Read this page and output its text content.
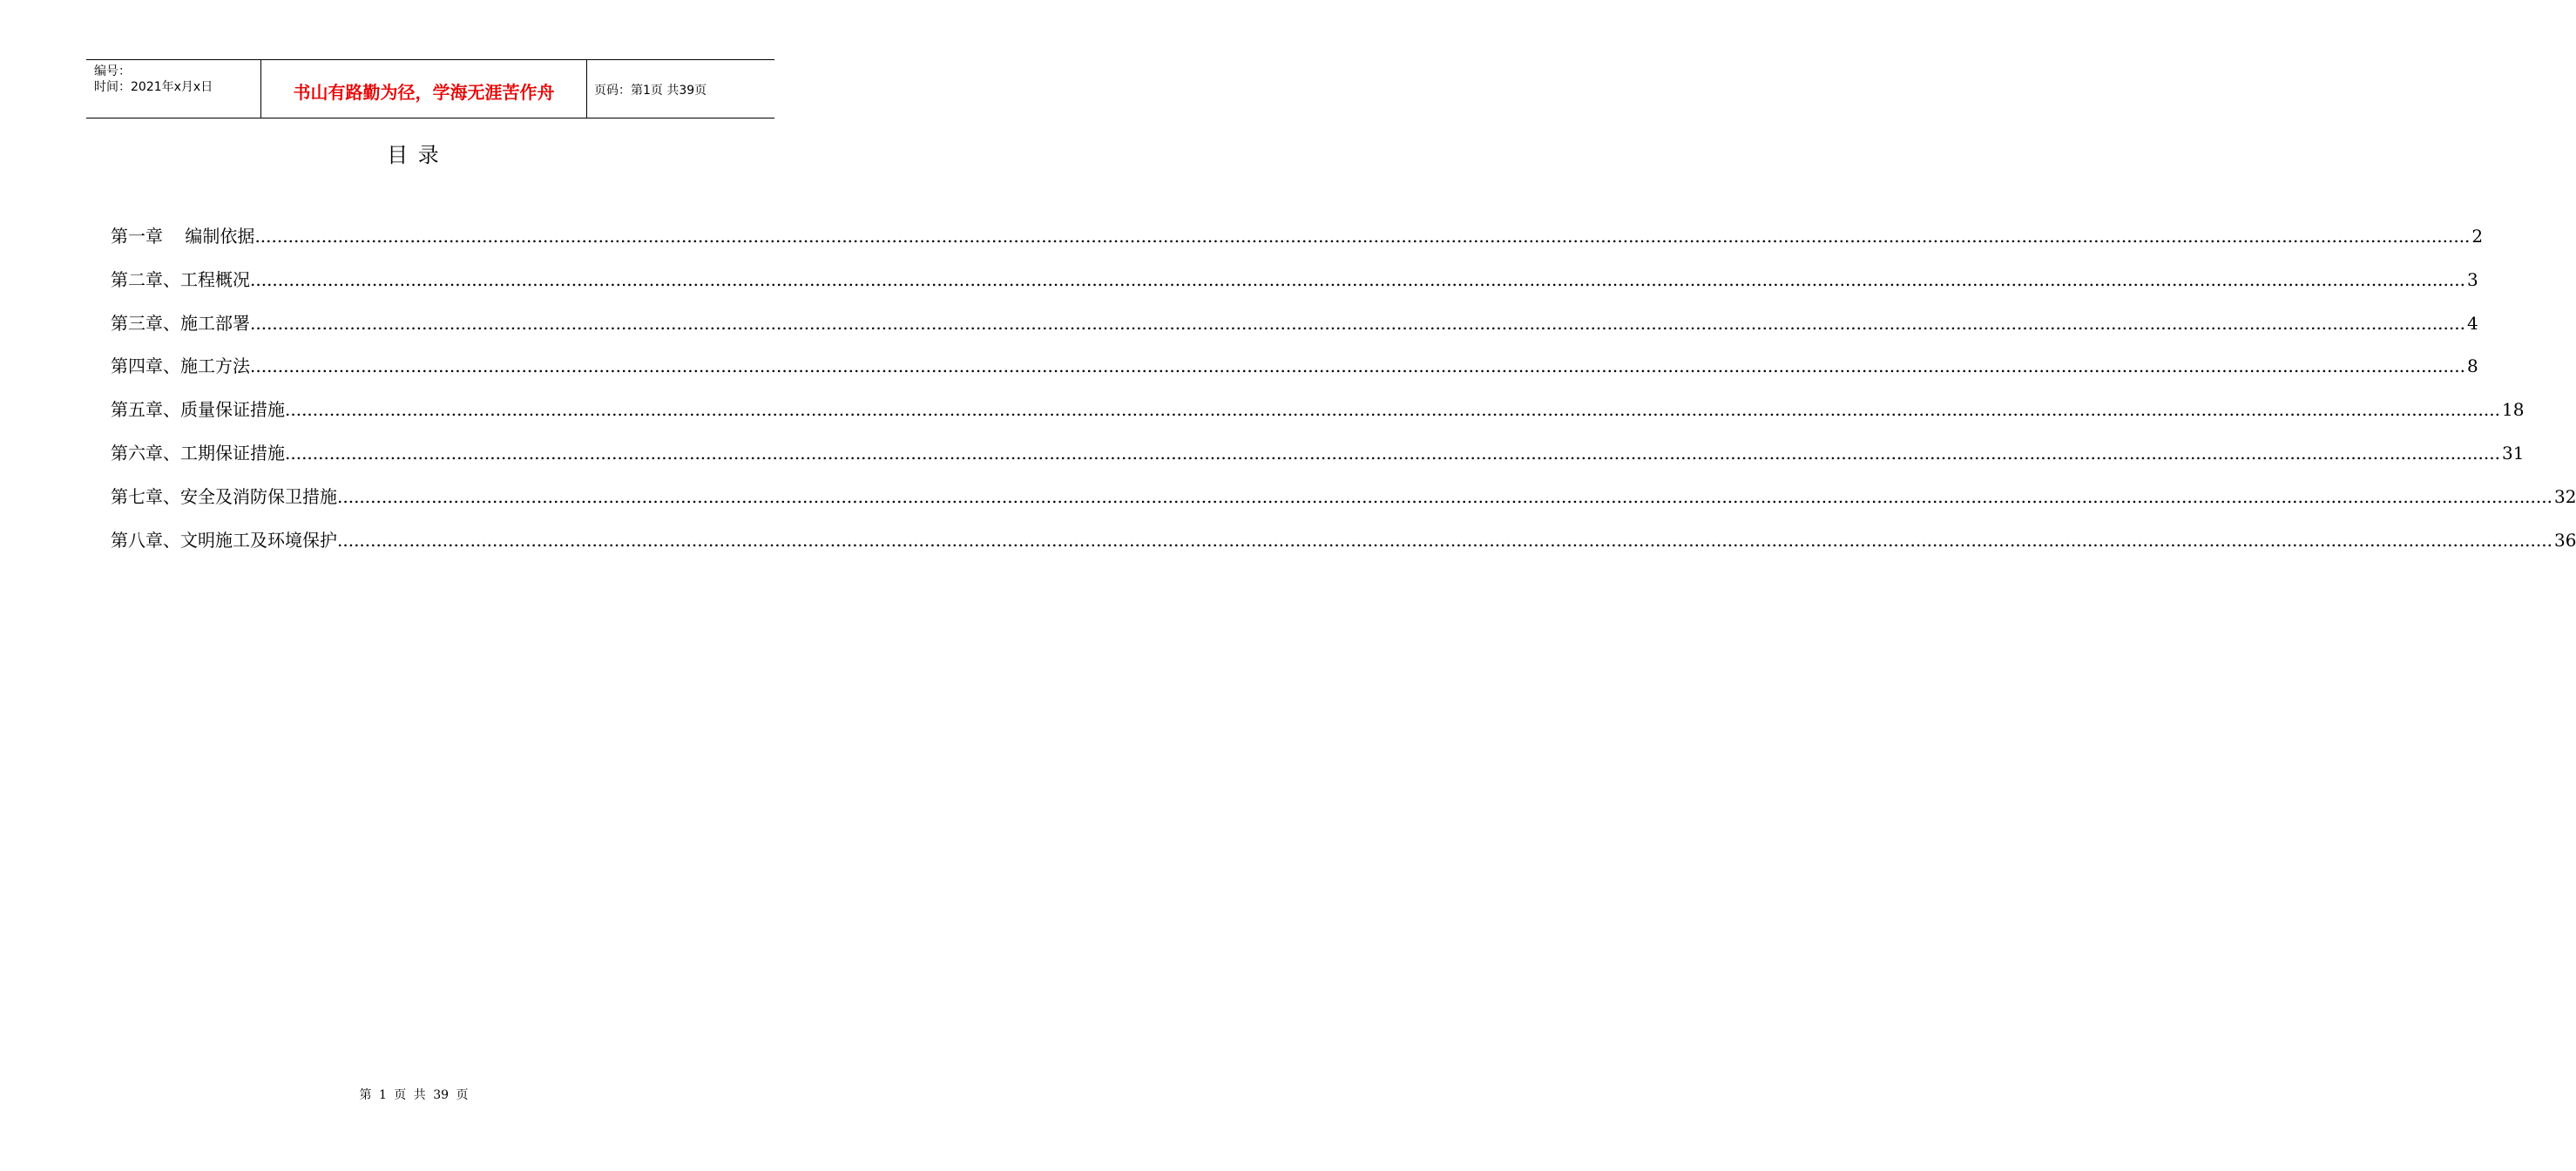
编号：
时间：2021年x月x日	书山有路勤为径，学海无涯苦作舟	页码：第1页 共39页
目 录
第一章    编制依据 ................................................................................................................................................................................................................................................................................................................................................................................................................ 2
第二章、工程概况 ................................................................................................................................................................................................................................................................................................................................................................................................................ 3
第三章、施工部署 ................................................................................................................................................................................................................................................................................................................................................................................................................ 4
第四章、施工方法 ................................................................................................................................................................................................................................................................................................................................................................................................................ 8
第五章、质量保证措施 ................................................................................................................................................................................................................................................................................................................................................................................................................ 18
第六章、工期保证措施 ................................................................................................................................................................................................................................................................................................................................................................................................................ 31
第七章、安全及消防保卫措施 ................................................................................................................................................................................................................................................................................................................................................................................................................ 32
第八章、文明施工及环境保护 ................................................................................................................................................................................................................................................................................................................................................................................................................ 36
第 1 页 共 39 页
